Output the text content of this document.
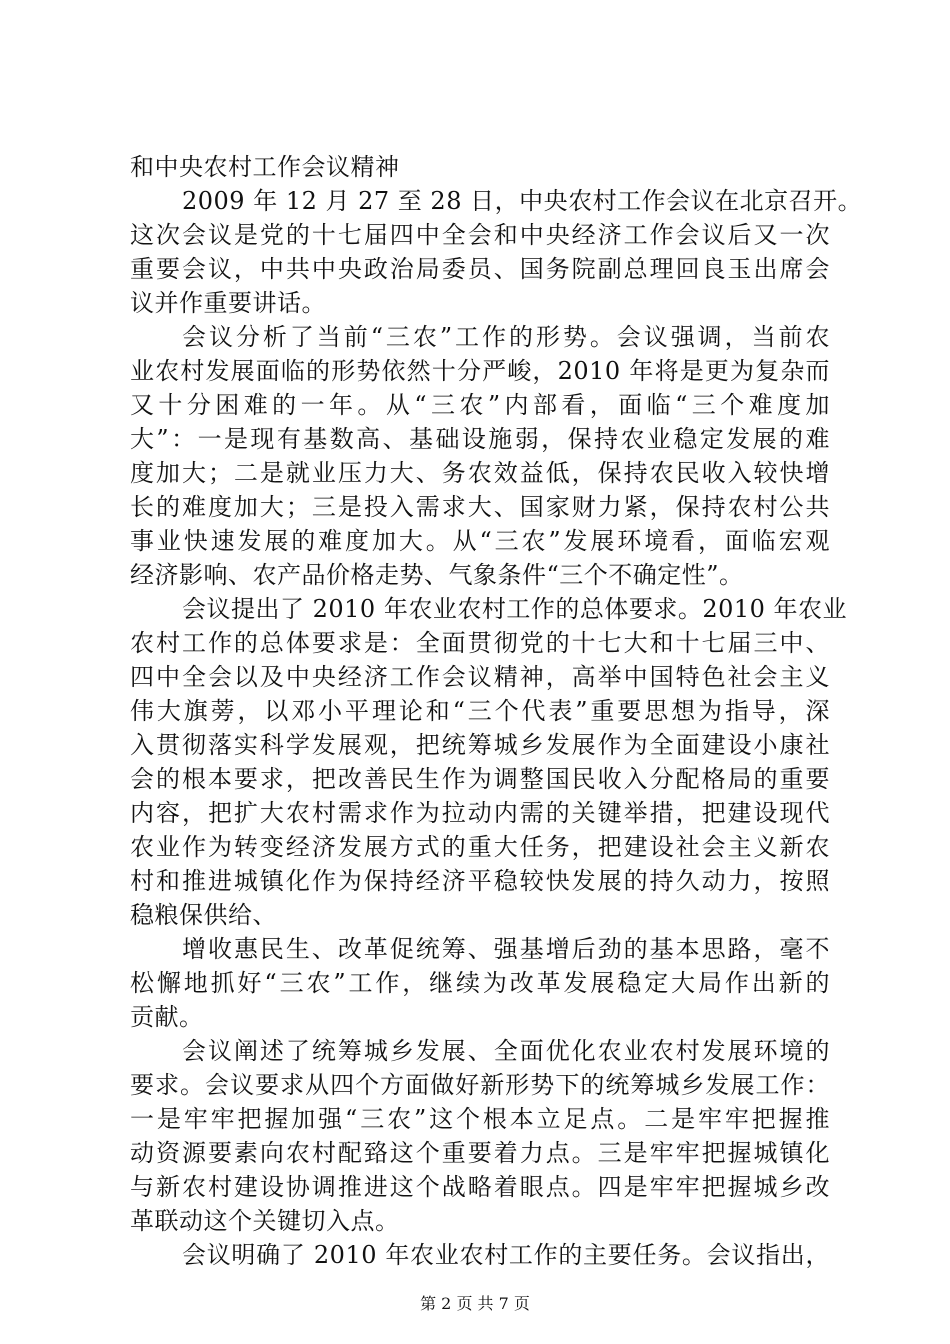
和中央农村工作会议精神
2009 年 12 月 27 至 28 日，中央农村工作会议在北京召开。
这次会议是党的十七届四中全会和中央经济工作会议后又一次
重要会议，中共中央政治局委员、国务院副总理回良玉出席会
议并作重要讲话。
会议分析了当前“三农”工作的形势。会议强调，当前农
业农村发展面临的形势依然十分严峻，2010 年将是更为复杂而
又十分困难的一年。从“三农”内部看，面临“三个难度加
大”：一是现有基数高、基础设施弱，保持农业稳定发展的难
度加大；二是就业压力大、务农效益低，保持农民收入较快增
长的难度加大；三是投入需求大、国家财力紧，保持农村公共
事业快速发展的难度加大。从“三农”发展环境看，面临宏观
经济影响、农产品价格走势、气象条件“三个不确定性”。
会议提出了 2010 年农业农村工作的总体要求。2010 年农业
农村工作的总体要求是：全面贯彻党的十七大和十七届三中、
四中全会以及中央经济工作会议精神，高举中国特色社会主义
伟大旗蒡，以邓小平理论和“三个代表”重要思想为指导，深
入贯彻落实科学发展观，把统筹城乡发展作为全面建设小康社
会的根本要求，把改善民生作为调整国民收入分配格局的重要
内容，把扩大农村需求作为拉动内需的关键举措，把建设现代
农业作为转变经济发展方式的重大任务，把建设社会主义新农
村和推进城镇化作为保持经济平稳较快发展的持久动力，按照
稳粮保供给、
增收惠民生、改革促统筹、强基增后劲的基本思路，毫不
松懈地抓好“三农”工作，继续为改革发展稳定大局作出新的
贡献。
会议阐述了统筹城乡发展、全面优化农业农村发展环境的
要求。会议要求从四个方面做好新形势下的统筹城乡发展工作：
一是牢牢把握加强“三农”这个根本立足点。二是牢牢把握推
动资源要素向农村配臵这个重要着力点。三是牢牢把握城镇化
与新农村建设协调推进这个战略着眼点。四是牢牢把握城乡改
革联动这个关键切入点。
会议明确了 2010 年农业农村工作的主要任务。会议指出，
第 2 页 共 7 页
